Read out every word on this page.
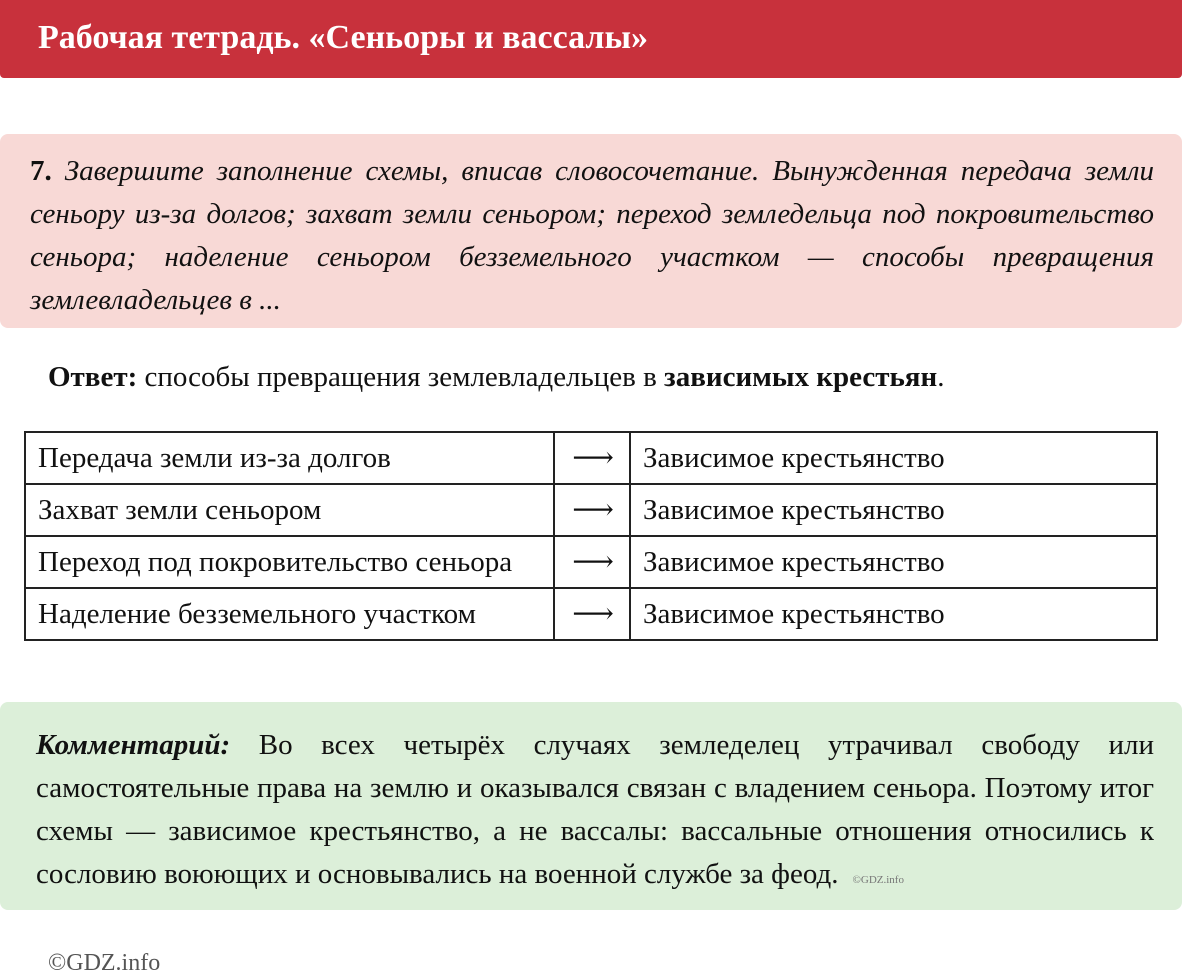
Рабочая тетрадь. «Сеньоры и вассалы»

7. Завершите заполнение схемы, вписав словосочетание. Вынужденная передача земли сеньору из-за долгов; захват земли сеньором; переход земледельца под покровительство сеньора; наделение сеньором безземельного участком — способы превращения землевладельцев в ...

Ответ: способы превращения землевладельцев в зависимых крестьян.

Передача земли из-за долгов	⟶	Зависимое крестьянство
Захват земли сеньором	⟶	Зависимое крестьянство
Переход под покровительство сеньора	⟶	Зависимое крестьянство
Наделение безземельного участком	⟶	Зависимое крестьянство

Комментарий: Во всех четырёх случаях земледелец утрачивал свободу или самостоятельные права на землю и оказывался связан с владением сеньора. Поэтому итог схемы — зависимое крестьянство, а не вассалы: вассальные отношения относились к сословию воюющих и основывались на военной службе за феод. ©GDZ.info

©GDZ.info
